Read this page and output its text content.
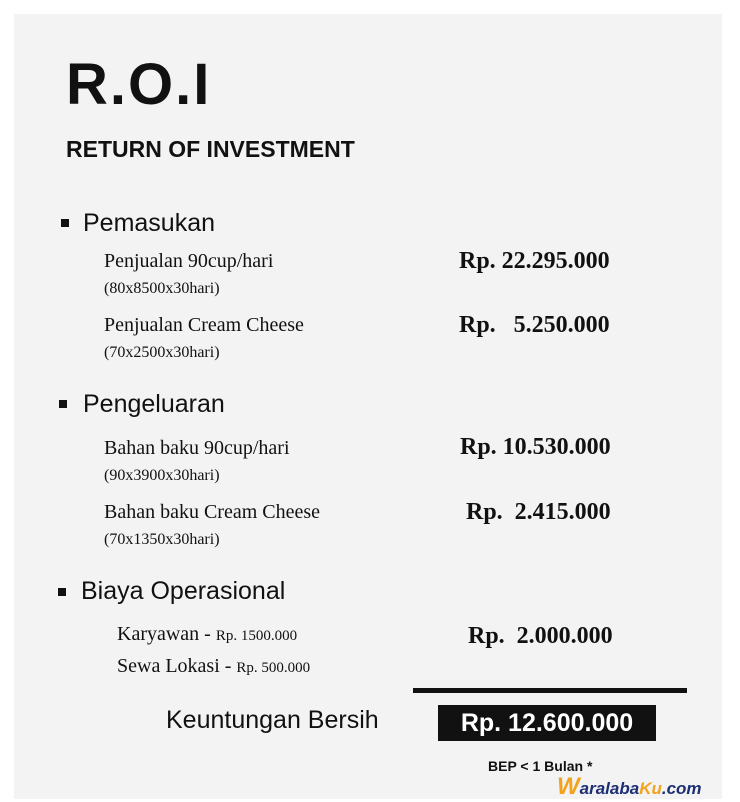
R.O.I
RETURN OF INVESTMENT
Pemasukan
Penjualan 90cup/hari
(80x8500x30hari)
Rp. 22.295.000
Penjualan Cream Cheese
(70x2500x30hari)
Rp.   5.250.000
Pengeluaran
Bahan baku 90cup/hari
(90x3900x30hari)
Rp. 10.530.000
Bahan baku Cream Cheese
(70x1350x30hari)
Rp.  2.415.000
Biaya Operasional
Karyawan - Rp. 1500.000
Sewa Lokasi - Rp. 500.000
Rp.  2.000.000
Keuntungan Bersih	Rp. 12.600.000
BEP < 1 Bulan *
WaralabaKu.com
